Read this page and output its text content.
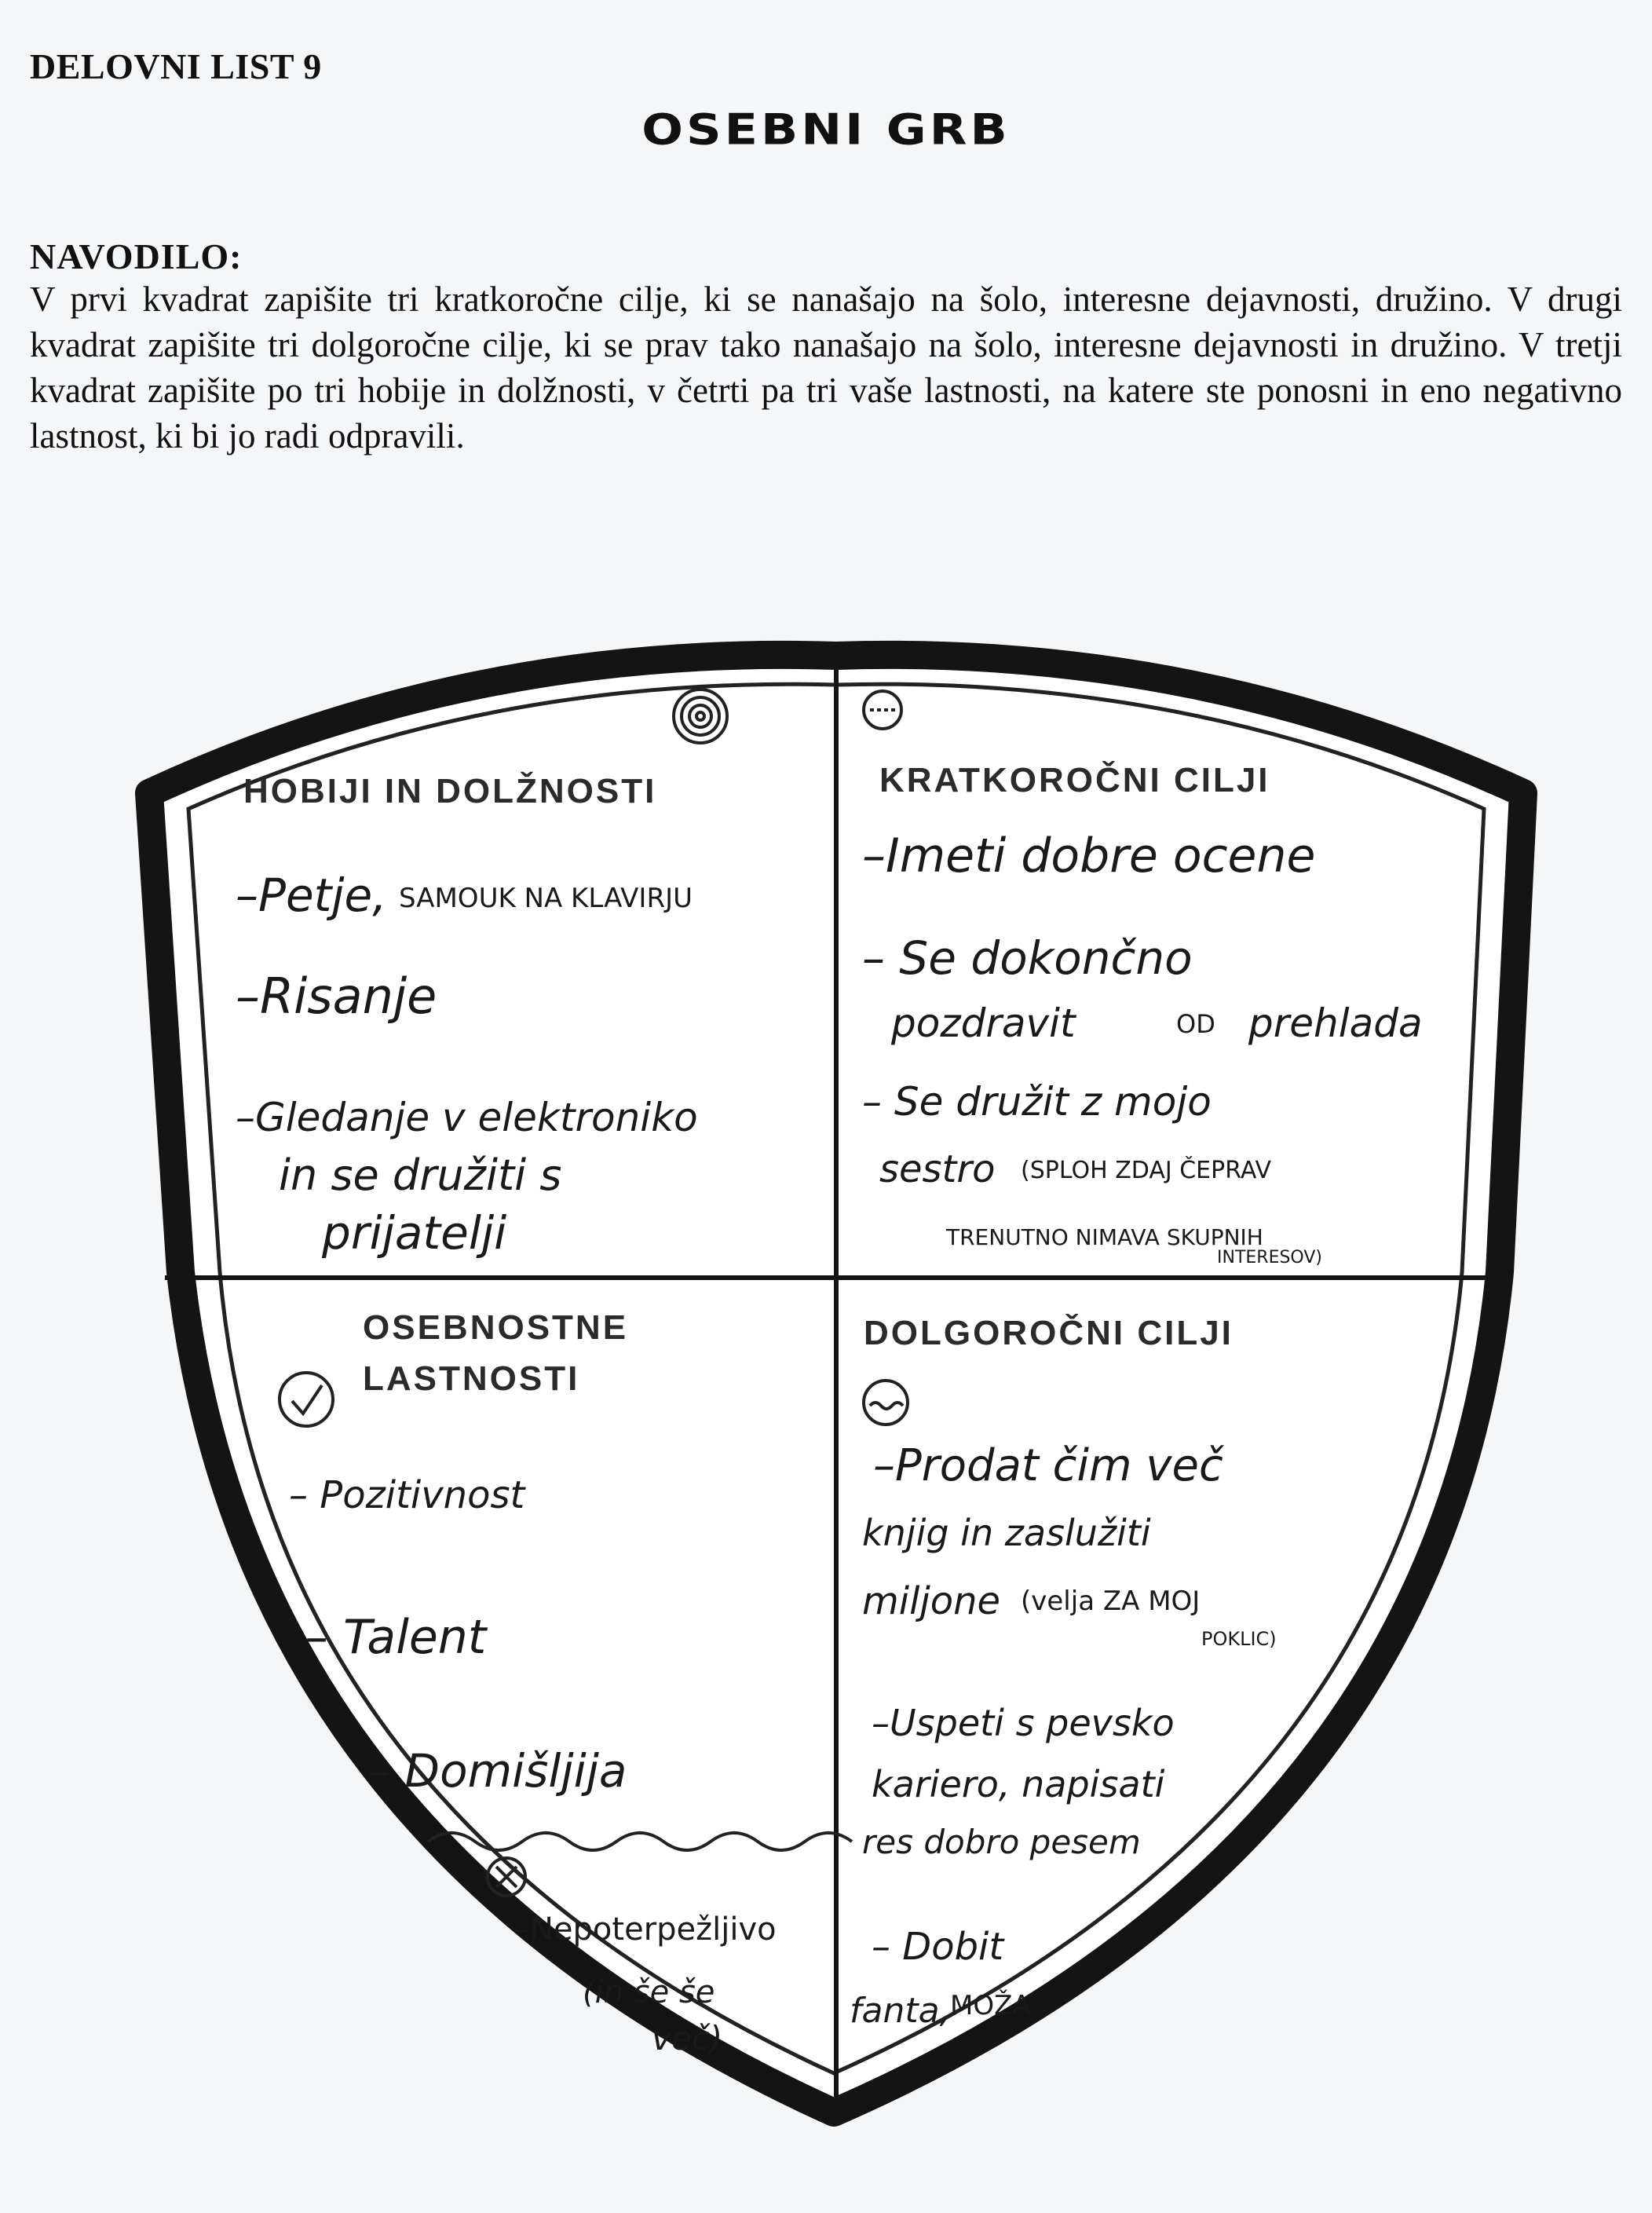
DELOVNI LIST 9
OSEBNI GRB
NAVODILO:
V prvi kvadrat zapišite tri kratkoročne cilje, ki se nanašajo na šolo, interesne dejavnosti, družino. V drugi kvadrat zapišite tri dolgoročne cilje, ki se prav tako nanašajo na šolo, interesne dejavnosti in družino. V tretji kvadrat zapišite po tri hobije in dolžnosti, v četrti pa tri vaše lastnosti, na katere ste ponosni in eno negativno lastnost, ki bi jo radi odpravili.
HOBIJI IN DOLŽNOSTI
–Petje, SAMOUK NA KLAVIRJU
–Risanje
–Gledanje v elektroniko
in se družiti s
prijatelji
KRATKOROČNI CILJI
–Imeti dobre ocene
– Se dokončno
pozdravit	OD prehlada
– Se družit z mojo
sestro (SPLOH ZDAJ ČEPRAV
TRENUTNO NIMAVA SKUPNIH
INTERESOV)
OSEBNOSTNE
LASTNOSTI
– Pozitivnost
– Talent
– Domišljija
–Nepoterpežljivo
(in še še
več)
DOLGOROČNI CILJI
–Prodat čim več
knjig in zaslužiti
miljone (velja ZA MOJ
POKLIC)
–Uspeti s pevsko
kariero, napisati
res dobro pesem
– Dobit
fanta, MOŽA
